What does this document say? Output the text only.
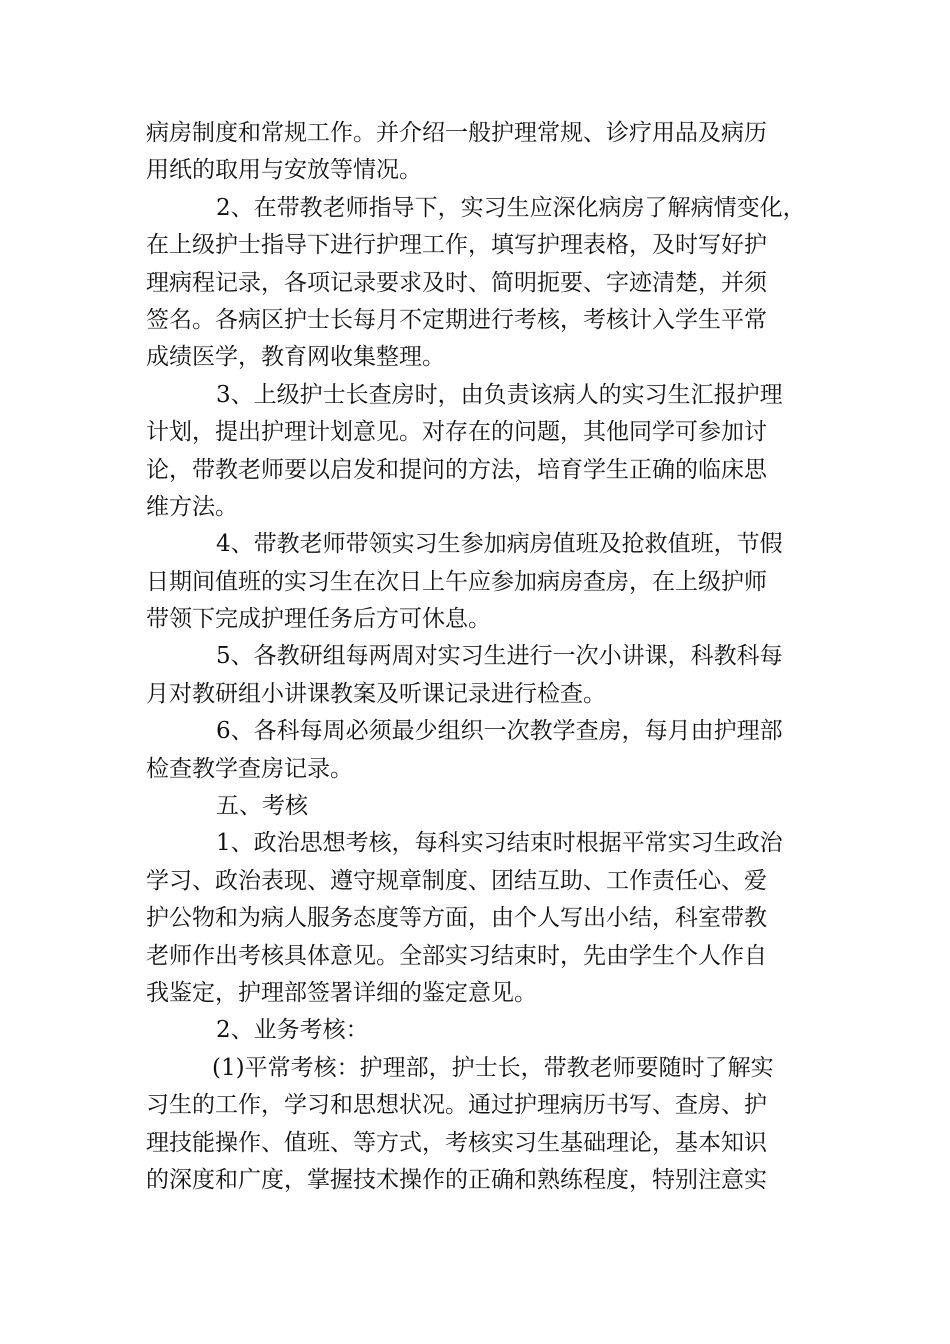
病房制度和常规工作。并介绍一般护理常规、诊疗用品及病历
用纸的取用与安放等情况。
2、在带教老师指导下，实习生应深化病房了解病情变化，
在上级护士指导下进行护理工作，填写护理表格，及时写好护
理病程记录，各项记录要求及时、简明扼要、字迹清楚，并须
签名。各病区护士长每月不定期进行考核，考核计入学生平常
成绩医学，教育网收集整理。
3、上级护士长查房时，由负责该病人的实习生汇报护理
计划，提出护理计划意见。对存在的问题，其他同学可参加讨
论，带教老师要以启发和提问的方法，培育学生正确的临床思
维方法。
4、带教老师带领实习生参加病房值班及抢救值班，节假
日期间值班的实习生在次日上午应参加病房查房，在上级护师
带领下完成护理任务后方可休息。
5、各教研组每两周对实习生进行一次小讲课，科教科每
月对教研组小讲课教案及听课记录进行检查。
6、各科每周必须最少组织一次教学查房，每月由护理部
检查教学查房记录。
五、考核
1、政治思想考核，每科实习结束时根据平常实习生政治
学习、政治表现、遵守规章制度、团结互助、工作责任心、爱
护公物和为病人服务态度等方面，由个人写出小结，科室带教
老师作出考核具体意见。全部实习结束时，先由学生个人作自
我鉴定，护理部签署详细的鉴定意见。
2、业务考核：
(1)平常考核：护理部，护士长，带教老师要随时了解实
习生的工作，学习和思想状况。通过护理病历书写、查房、护
理技能操作、值班、等方式，考核实习生基础理论，基本知识
的深度和广度，掌握技术操作的正确和熟练程度，特别注意实
